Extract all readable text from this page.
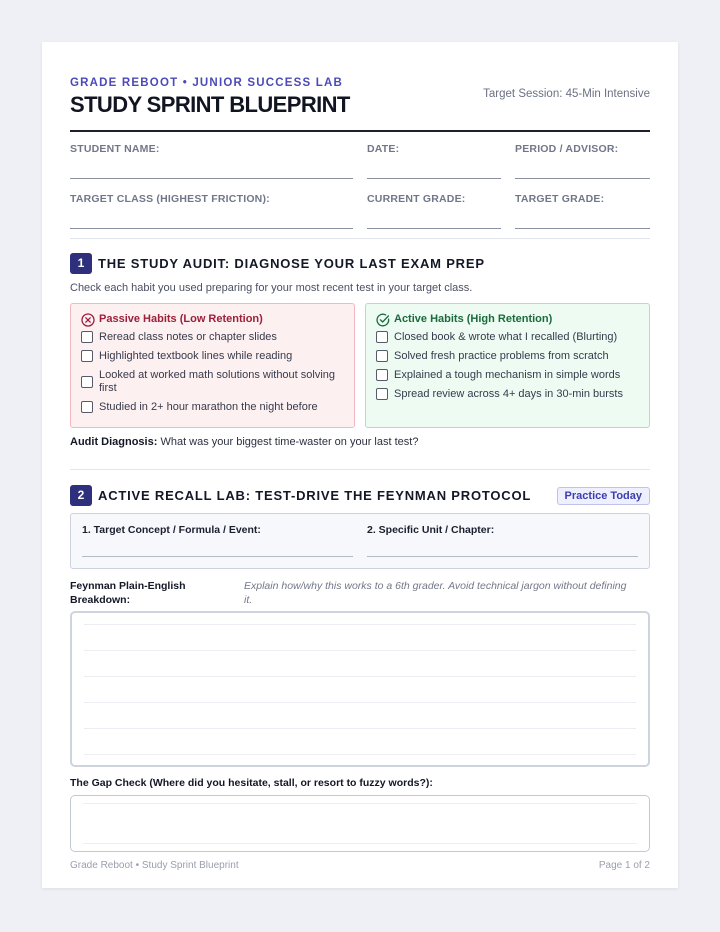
GRADE REBOOT • JUNIOR SUCCESS LAB
STUDY SPRINT BLUEPRINT	Target Session: 45-Min Intensive
STUDENT NAME:	DATE:	PERIOD / ADVISOR:
TARGET CLASS (HIGHEST FRICTION):	CURRENT GRADE:	TARGET GRADE:
1	THE STUDY AUDIT: DIAGNOSE YOUR LAST EXAM PREP
Check each habit you used preparing for your most recent test in your target class.
Passive Habits (Low Retention)
Reread class notes or chapter slides
Highlighted textbook lines while reading
Looked at worked math solutions without solving first
Studied in 2+ hour marathon the night before
Active Habits (High Retention)
Closed book & wrote what I recalled (Blurting)
Solved fresh practice problems from scratch
Explained a tough mechanism in simple words
Spread review across 4+ days in 30-min bursts
Audit Diagnosis: What was your biggest time-waster on your last test?
2	ACTIVE RECALL LAB: TEST-DRIVE THE FEYNMAN PROTOCOL	Practice Today
1. Target Concept / Formula / Event:	2. Specific Unit / Chapter:
Feynman Plain-English Breakdown:
Explain how/why this works to a 6th grader. Avoid technical jargon without defining it.
The Gap Check (Where did you hesitate, stall, or resort to fuzzy words?):
Grade Reboot • Study Sprint Blueprint	Page 1 of 2
